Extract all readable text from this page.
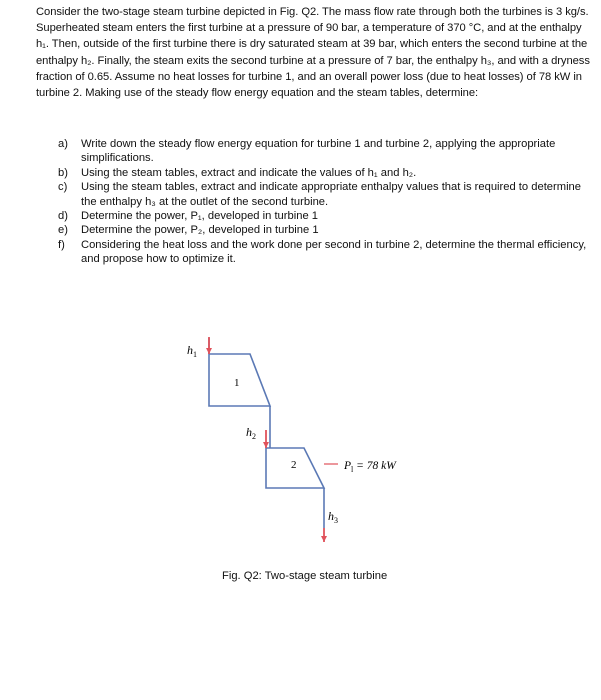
Consider the two-stage steam turbine depicted in Fig. Q2. The mass flow rate through both the turbines is 3 kg/s. Superheated steam enters the first turbine at a pressure of 90 bar, a temperature of 370 °C, and at the enthalpy h₁. Then, outside of the first turbine there is dry saturated steam at 39 bar, which enters the second turbine at the enthalpy h₂. Finally, the steam exits the second turbine at a pressure of 7 bar, the enthalpy h₃, and with a dryness fraction of 0.65. Assume no heat losses for turbine 1, and an overall power loss (due to heat losses) of 78 kW in turbine 2. Making use of the steady flow energy equation and the steam tables, determine:
a) Write down the steady flow energy equation for turbine 1 and turbine 2, applying the appropriate simplifications.
b) Using the steam tables, extract and indicate the values of h₁ and h₂.
c) Using the steam tables, extract and indicate appropriate enthalpy values that is required to determine the enthalpy h₃ at the outlet of the second turbine.
d) Determine the power, P₁, developed in turbine 1
e) Determine the power, P₂, developed in turbine 1
f) Considering the heat loss and the work done per second in turbine 2, determine the thermal efficiency, and propose how to optimize it.
$h_1$
1
$h_2$
2	$P_l = 78$ kW
$h_3$
Fig. Q2: Two-stage steam turbine
